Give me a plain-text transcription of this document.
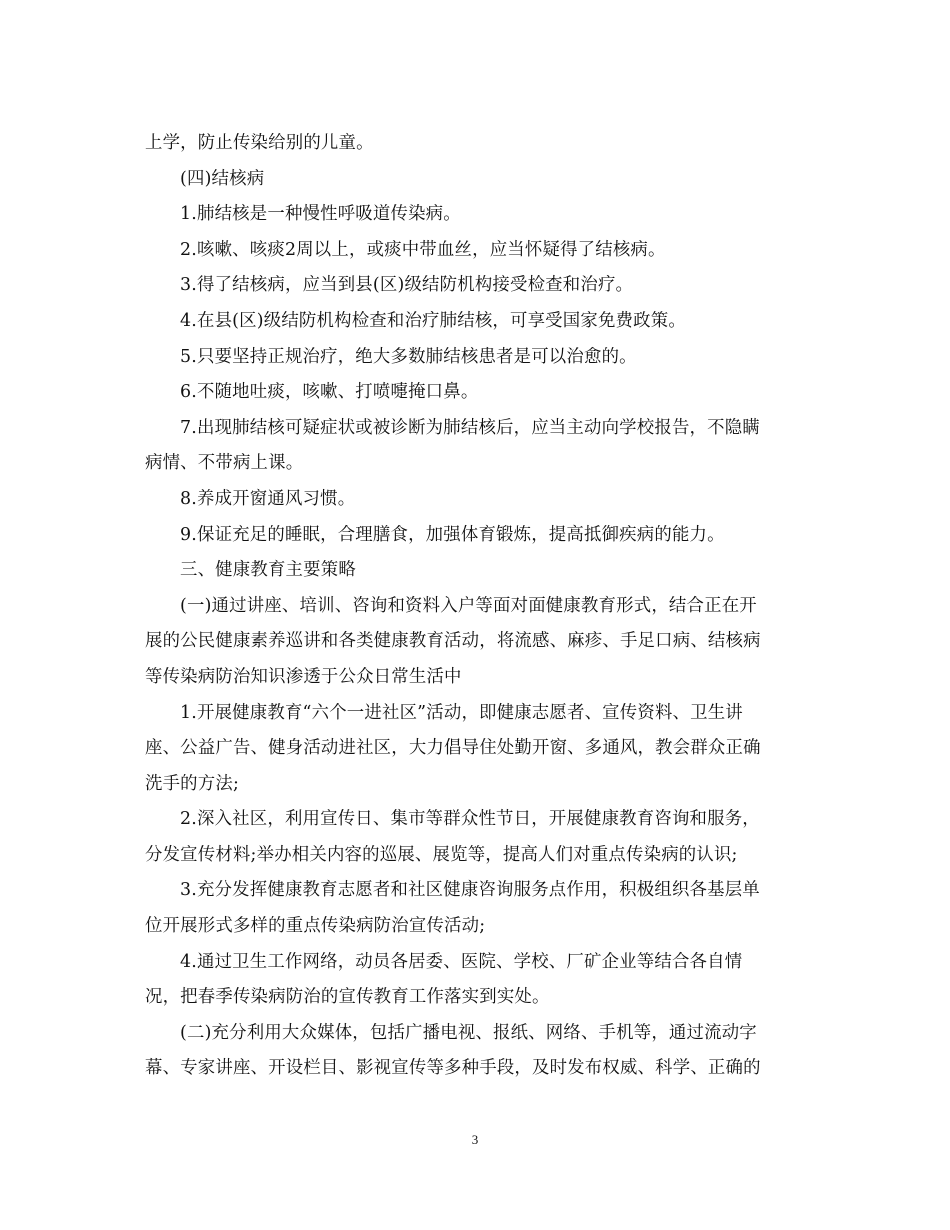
上学，防止传染给别的儿童。
(四)结核病
1.肺结核是一种慢性呼吸道传染病。
2.咳嗽、咳痰2周以上，或痰中带血丝，应当怀疑得了结核病。
3.得了结核病，应当到县(区)级结防机构接受检查和治疗。
4.在县(区)级结防机构检查和治疗肺结核，可享受国家免费政策。
5.只要坚持正规治疗，绝大多数肺结核患者是可以治愈的。
6.不随地吐痰，咳嗽、打喷嚏掩口鼻。
7.出现肺结核可疑症状或被诊断为肺结核后，应当主动向学校报告，不隐瞒
病情、不带病上课。
8.养成开窗通风习惯。
9.保证充足的睡眠，合理膳食，加强体育锻炼，提高抵御疾病的能力。
三、健康教育主要策略
(一)通过讲座、培训、咨询和资料入户等面对面健康教育形式，结合正在开
展的公民健康素养巡讲和各类健康教育活动，将流感、麻疹、手足口病、结核病
等传染病防治知识渗透于公众日常生活中
1.开展健康教育“六个一进社区”活动，即健康志愿者、宣传资料、卫生讲
座、公益广告、健身活动进社区，大力倡导住处勤开窗、多通风，教会群众正确
洗手的方法;
2.深入社区，利用宣传日、集市等群众性节日，开展健康教育咨询和服务，
分发宣传材料;举办相关内容的巡展、展览等，提高人们对重点传染病的认识;
3.充分发挥健康教育志愿者和社区健康咨询服务点作用，积极组织各基层单
位开展形式多样的重点传染病防治宣传活动;
4.通过卫生工作网络，动员各居委、医院、学校、厂矿企业等结合各自情
况，把春季传染病防治的宣传教育工作落实到实处。
(二)充分利用大众媒体，包括广播电视、报纸、网络、手机等，通过流动字
幕、专家讲座、开设栏目、影视宣传等多种手段，及时发布权威、科学、正确的
3
